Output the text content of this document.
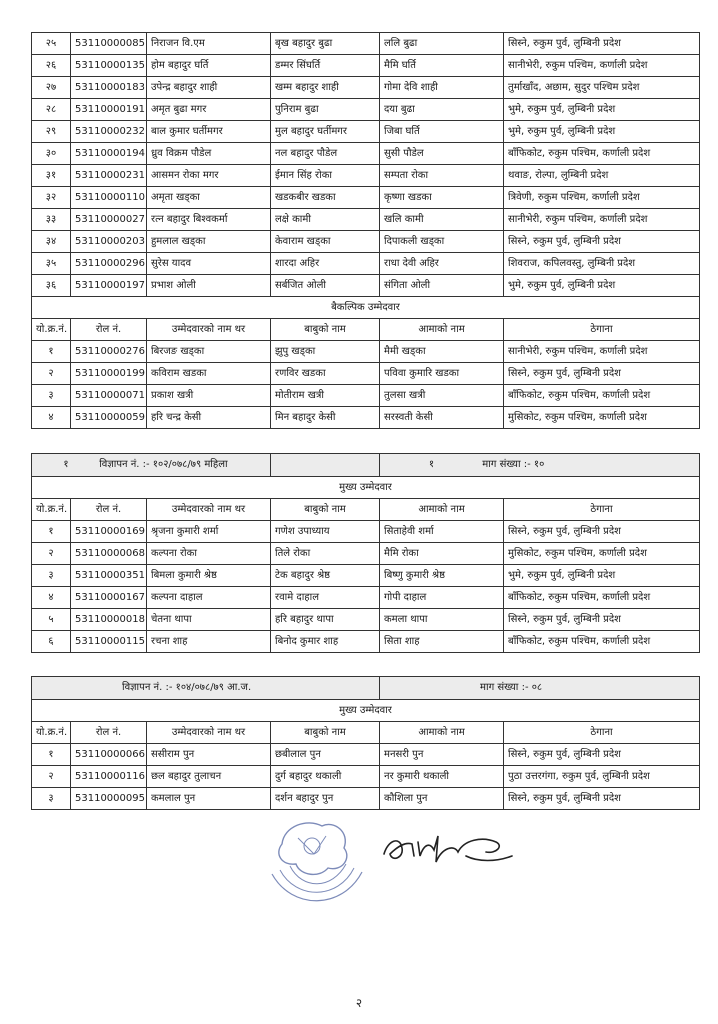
२५	53110000085	निराजन वि.एम	बृख बहादुर बुढा	ललि बुढा	सिस्ने, रुकुम पुर्व, लुम्बिनी प्रदेश
२६	53110000135	होम बहादुर घर्ति	डम्मर सिंघर्ति	मैमि घर्ति	सानीभेरी, रुकुम पश्चिम, कर्णाली प्रदेश
२७	53110000183	उपेन्द्र बहादुर शाही	खम्म बहादुर शाही	गोमा देवि शाही	तुर्माखाँद, अछाम, सुदुर पश्चिम प्रदेश
२८	53110000191	अमृत बुढा मगर	पुनिराम बुढा	दया बुढा	भुमे, रुकुम पुर्व, लुम्बिनी प्रदेश
२९	53110000232	बाल कुमार घर्तीमगर	मुल बहादुर घर्तीमगर	जिबा घर्ति	भुमे, रुकुम पुर्व, लुम्बिनी प्रदेश
३०	53110000194	ध्रुव विक्रम पौडेल	नल बहादुर पौडेल	सुसी पौडेल	बाँफिकोट, रुकुम पश्चिम, कर्णाली प्रदेश
३१	53110000231	आसमन रोका मगर	ईमान सिंह रोका	सम्पता रोका	थवाङ, रोल्पा, लुम्बिनी प्रदेश
३२	53110000110	अमृता खड्का	खडकबीर खडका	कृष्णा खडका	त्रिवेणी, रुकुम पश्चिम, कर्णाली प्रदेश
३३	53110000027	रत्न बहादुर बिश्वकर्मा	लक्षे कामी	खलि कामी	सानीभेरी, रुकुम पश्चिम, कर्णाली प्रदेश
३४	53110000203	हुमलाल खड्का	केवाराम खड्का	दिपाकली खड्का	सिस्ने, रुकुम पुर्व, लुम्बिनी प्रदेश
३५	53110000296	सुरेस यादव	शारदा अहिर	राधा देवी अहिर	शिवराज, कपिलवस्तु, लुम्बिनी प्रदेश
३६	53110000197	प्रभाश ओली	सर्बजित ओली	संगिता ओली	भुमे, रुकुम पुर्व, लुम्बिनी प्रदेश
बैकल्पिक उम्मेदवार					
यो.क्र.नं.	रोल नं.	उम्मेदवारको नाम थर	बाबुको नाम	आमाको नाम	ठेगाना
१	53110000276	बिरजङ खड्का	झुपु खड्का	मैमी खड्का	सानीभेरी, रुकुम पश्चिम, कर्णाली प्रदेश
२	53110000199	कविराम खडका	रणविर खडका	पविवा कुमारि खडका	सिस्ने, रुकुम पुर्व, लुम्बिनी प्रदेश
३	53110000071	प्रकाश खत्री	मोतीराम खत्री	तुलसा खत्री	बाँफिकोट, रुकुम पश्चिम, कर्णाली प्रदेश
४	53110000059	हरि चन्द्र केसी	मिन बहादुर केसी	सरस्वती केसी	मुसिकोट, रुकुम पश्चिम, कर्णाली प्रदेश
१ विज्ञापन नं. :- १०२/०७८/७९ महिला				१ माग संख्या :- १०	
मुख्य उम्मेदवार					
यो.क्र.नं.	रोल नं.	उम्मेदवारको नाम थर	बाबुको नाम	आमाको नाम	ठेगाना
१	53110000169	श्रृजना कुमारी शर्मा	गणेश उपाध्याय	सिताहेवी शर्मा	सिस्ने, रुकुम पुर्व, लुम्बिनी प्रदेश
२	53110000068	कल्पना रोका	तिले रोका	मैमि रोका	मुसिकोट, रुकुम पश्चिम, कर्णाली प्रदेश
३	53110000351	बिमला कुमारी श्रेष्ठ	टेक बहादुर श्रेष्ठ	बिष्णु कुमारी श्रेष्ठ	भुमे, रुकुम पुर्व, लुम्बिनी प्रदेश
४	53110000167	कल्पना दाहाल	रवामे दाहाल	गोपी दाहाल	बाँफिकोट, रुकुम पश्चिम, कर्णाली प्रदेश
५	53110000018	चेतना थापा	हरि बहादुर थापा	कमला थापा	सिस्ने, रुकुम पुर्व, लुम्बिनी प्रदेश
६	53110000115	रचना शाह	बिनोद कुमार शाह	सिता शाह	बाँफिकोट, रुकुम पश्चिम, कर्णाली प्रदेश
विज्ञापन नं. :- १०४/०७८/७९ आ.ज.				माग संख्या :- ०८	
मुख्य उम्मेदवार					
यो.क्र.नं.	रोल नं.	उम्मेदवारको नाम थर	बाबुको नाम	आमाको नाम	ठेगाना
१	53110000066	ससीराम पुन	छबीलाल पुन	मनसरी पुन	सिस्ने, रुकुम पुर्व, लुम्बिनी प्रदेश
२	53110000116	छल बहादुर तुलाचन	दुर्ग बहादुर थकाली	नर कुमारी थकाली	पुठा उत्तरगंगा, रुकुम पुर्व, लुम्बिनी प्रदेश
३	53110000095	कमलाल पुन	दर्शन बहादुर पुन	कौशिला पुन	सिस्ने, रुकुम पुर्व, लुम्बिनी प्रदेश
२
